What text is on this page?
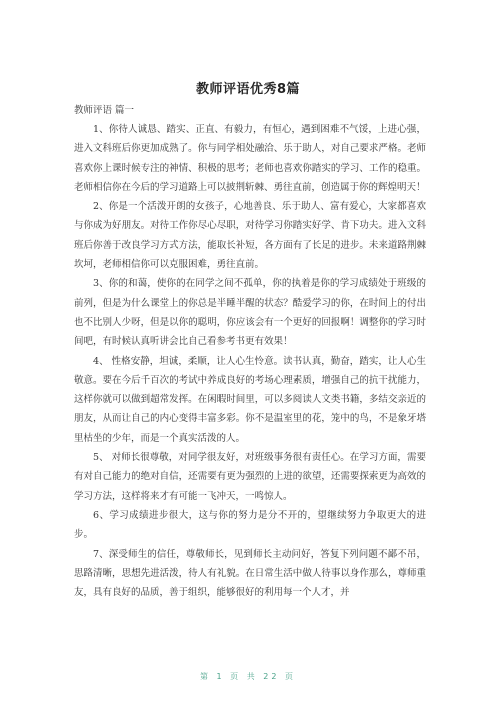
教师评语优秀8篇
教师评语 篇一

1、你待人诚恳、踏实、正直、有毅力，有恒心，遇到困难不气馁，上进心强，进入文科班后你更加成熟了。你与同学相处融洽、乐于助人，对自己要求严格。老师喜欢你上课时候专注的神情、积极的思考；老师也喜欢你踏实的学习、工作的稳重。老师相信你在今后的学习道路上可以披荆斩棘、勇往直前，创造属于你的辉煌明天！

2、你是一个活泼开朗的女孩子，心地善良、乐于助人、富有爱心，大家都喜欢与你成为好朋友。对待工作你尽心尽职，对待学习你踏实好学、肯下功夫。进入文科班后你善于改良学习方式方法，能取长补短，各方面有了长足的进步。未来道路荆棘坎坷，老师相信你可以克服困难，勇往直前。

3、你的和蔼，使你的在同学之间不孤单，你的执着是你的学习成绩处于班级的前列，但是为什么课堂上的你总是半睡半醒的状态？酷爱学习的你，在时间上的付出也不比别人少呀，但是以你的聪明，你应该会有一个更好的回报啊！调整你的学习时间吧，有时候认真听讲会比自己看参考书更有效果！

4、 性格安静，坦诚，柔顺，让人心生怜意。读书认真，勤奋，踏实，让人心生敬意。要在今后千百次的考试中养成良好的考场心理素质，增强自己的抗干扰能力，这样你就可以做到超常发挥。在闲暇时间里，可以多阅读人文类书籍，多结交亲近的朋友，从而让自己的内心变得丰富多彩。你不是温室里的花，笼中的鸟，不是象牙塔里枯坐的少年，而是一个真实活泼的人。

5、 对师长很尊敬，对同学很友好，对班级事务很有责任心。在学习方面，需要有对自己能力的绝对自信，还需要有更为强烈的上进的欲望，还需要探索更为高效的学习方法，这样将来才有可能一飞冲天，一鸣惊人。

6、学习成绩进步很大，这与你的努力是分不开的，望继续努力争取更大的进步。

7、深受师生的信任，尊敬师长，见到师长主动问好，答复下列问题不鄙不吊，思路清晰，思想先进活泼，待人有礼貌。在日常生活中做人待事以身作那么，尊师重友，具有良好的品质，善于组织，能够很好的利用每一个人才，并

第 1 页 共 22 页
